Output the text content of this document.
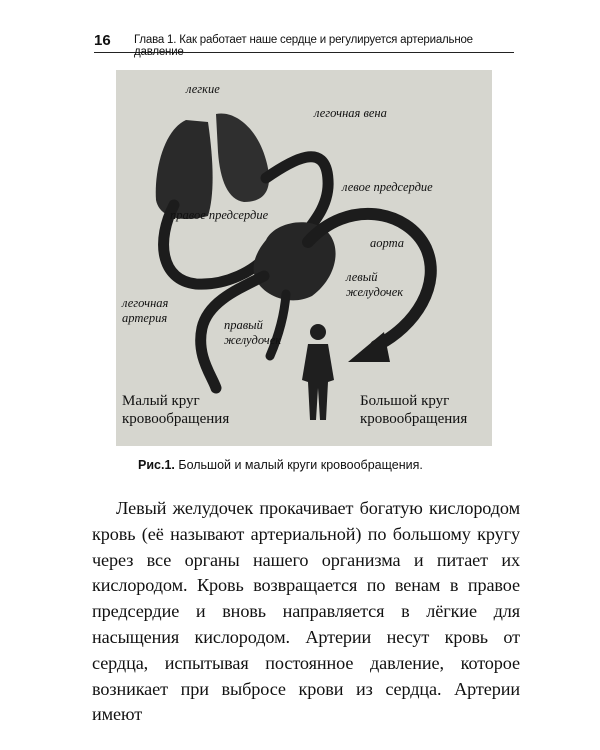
16 Глава 1. Как работает наше сердце и регулируется артериальное давление
легкие
легочная вена
левое предсердие
правое предсердие
аорта
левый
желудочек
легочная
артерия	правый
желудочек
Малый круг
кровообращения
Большой круг
кровообращения
Рис.1. Большой и малый круги кровообращения.

Левый желудочек прокачивает богатую кислородом кровь (её называют артериальной) по большому кругу через все органы нашего организма и питает их кислородом. Кровь возвращается по венам в правое предсердие и вновь направляется в лёгкие для насыщения кислородом. Артерии несут кровь от сердца, испытывая постоянное давление, которое возникает при выбросе крови из сердца. Артерии имеют
